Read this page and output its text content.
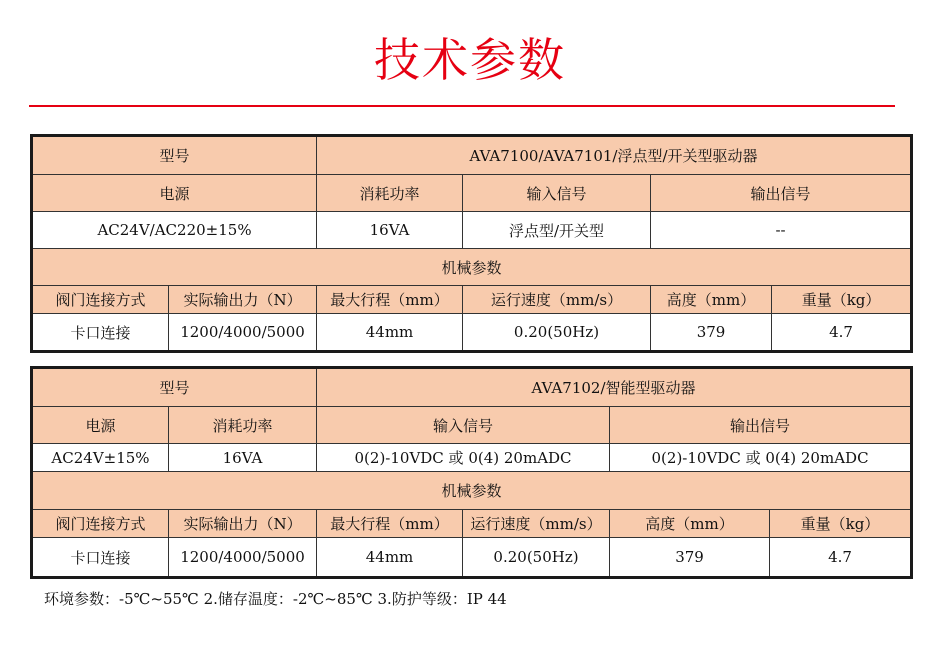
技术参数
型号		AVA7100/AVA7101/浮点型/开关型驱动器			
电源		消耗功率	输入信号	输出信号	
AC24V/AC220±15%		16VA	浮点型/开关型	--	
机械参数					
阀门连接方式	实际输出力（N）	最大行程（mm）	运行速度（mm/s）	高度（mm）	重量（kg）
卡口连接	1200/4000/5000	44mm	0.20(50Hz)	379	4.7
型号		AVA7102/智能型驱动器			
电源	消耗功率	输入信号		输出信号	
AC24V±15%	16VA	0(2)-10VDC 或 0(4) 20mADC		0(2)-10VDC 或 0(4) 20mADC	
机械参数					
阀门连接方式	实际输出力（N）	最大行程（mm）	运行速度（mm/s）	高度（mm）	重量（kg）
卡口连接	1200/4000/5000	44mm	0.20(50Hz)	379	4.7
环境参数：-5℃~55℃ 2.储存温度：-2℃~85℃ 3.防护等级：IP 44
